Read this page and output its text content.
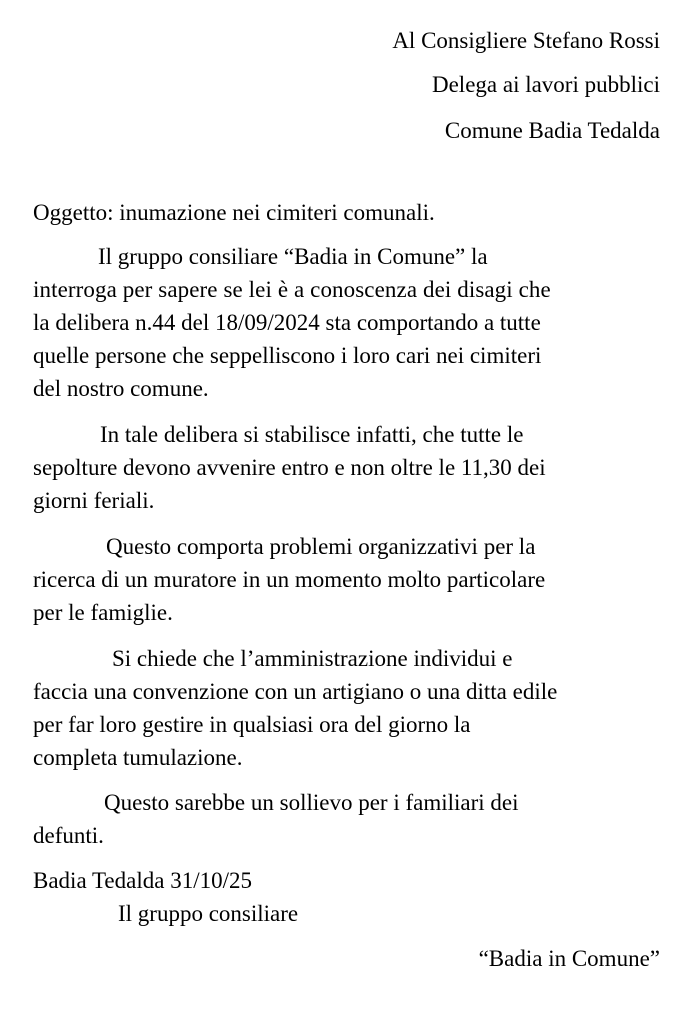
Al Consigliere Stefano Rossi
Delega ai lavori pubblici
Comune Badia Tedalda
Oggetto: inumazione nei cimiteri comunali.
Il gruppo consiliare “Badia in Comune” la
interroga per sapere se lei è a conoscenza dei disagi che
la delibera n.44 del 18/09/2024 sta comportando a tutte
quelle persone che seppelliscono i loro cari nei cimiteri
del nostro comune.
In tale delibera si stabilisce infatti, che tutte le
sepolture devono avvenire entro e non oltre le 11,30 dei
giorni feriali.
Questo comporta problemi organizzativi per la
ricerca di un muratore in un momento molto particolare
per le famiglie.
Si chiede che l’amministrazione individui e
faccia una convenzione con un artigiano o una ditta edile
per far loro gestire in qualsiasi ora del giorno la
completa tumulazione.
Questo sarebbe un sollievo per i familiari dei
defunti.
Badia Tedalda 31/10/25
Il gruppo consiliare
“Badia in Comune”
